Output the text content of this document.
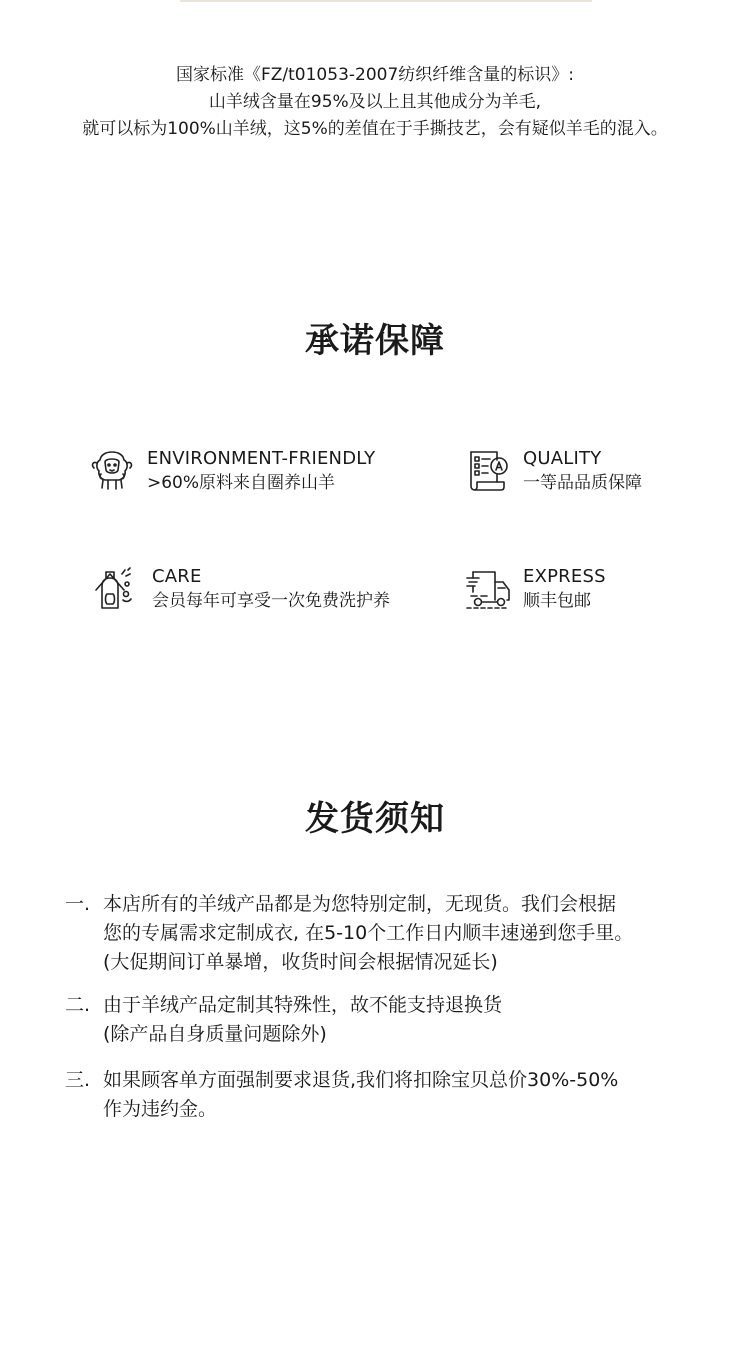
国家标准《FZ/t01053-2007纺织纤维含量的标识》:
山羊绒含量在95%及以上且其他成分为羊毛,
就可以标为100%山羊绒，这5%的差值在于手撕技艺，会有疑似羊毛的混入。
承诺保障
ENVIRONMENT-FRIENDLY
>60%原料来自圈养山羊
QUALITY
一等品品质保障
CARE
会员每年可享受一次免费洗护养
EXPRESS
顺丰包邮
发货须知
一. 本店所有的羊绒产品都是为您特别定制，无现货。我们会根据
您的专属需求定制成衣, 在5-10个工作日内顺丰速递到您手里。
(大促期间订单暴增，收货时间会根据情况延长)
二. 由于羊绒产品定制其特殊性，故不能支持退换货
(除产品自身质量问题除外)
三. 如果顾客单方面强制要求退货,我们将扣除宝贝总价30%-50%
作为违约金。
